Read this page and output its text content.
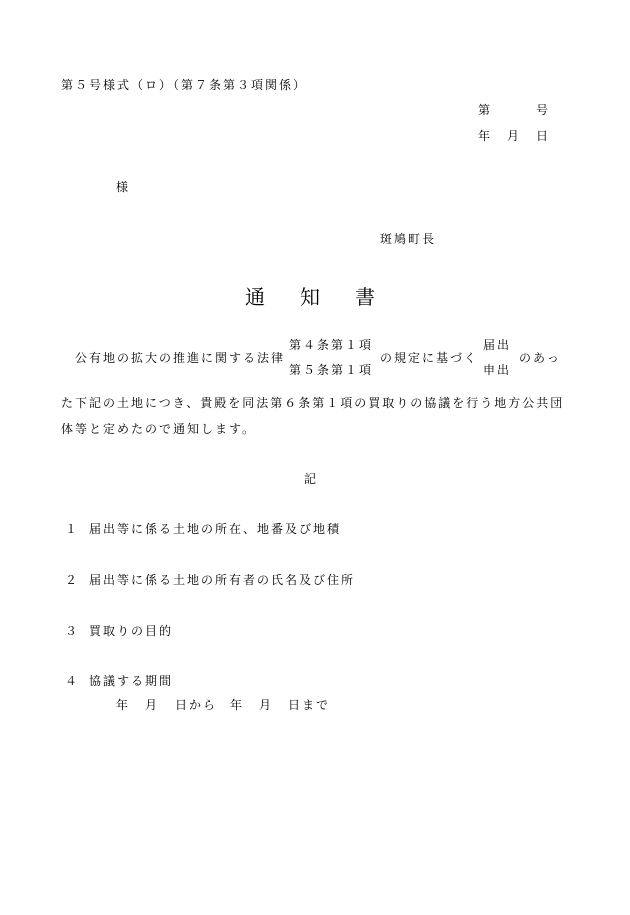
第５号様式（ロ）（第７条第３項関係）
第	号
年 月 日
様
斑鳩町長
通 知 書
第４条第１項
公有地の拡大の推進に関する法律
第５条第１項
の規定に基づく
届出
申出
のあっ
た下記の土地につき、貴殿を同法第６条第１項の買取りの協議を行う地方公共団
体等と定めたので通知します。
記
１ 届出等に係る土地の所在、地番及び地積
２ 届出等に係る土地の所有者の氏名及び住所
３ 買取りの目的
４ 協議する期間
年 月 日から 年 月 日まで
